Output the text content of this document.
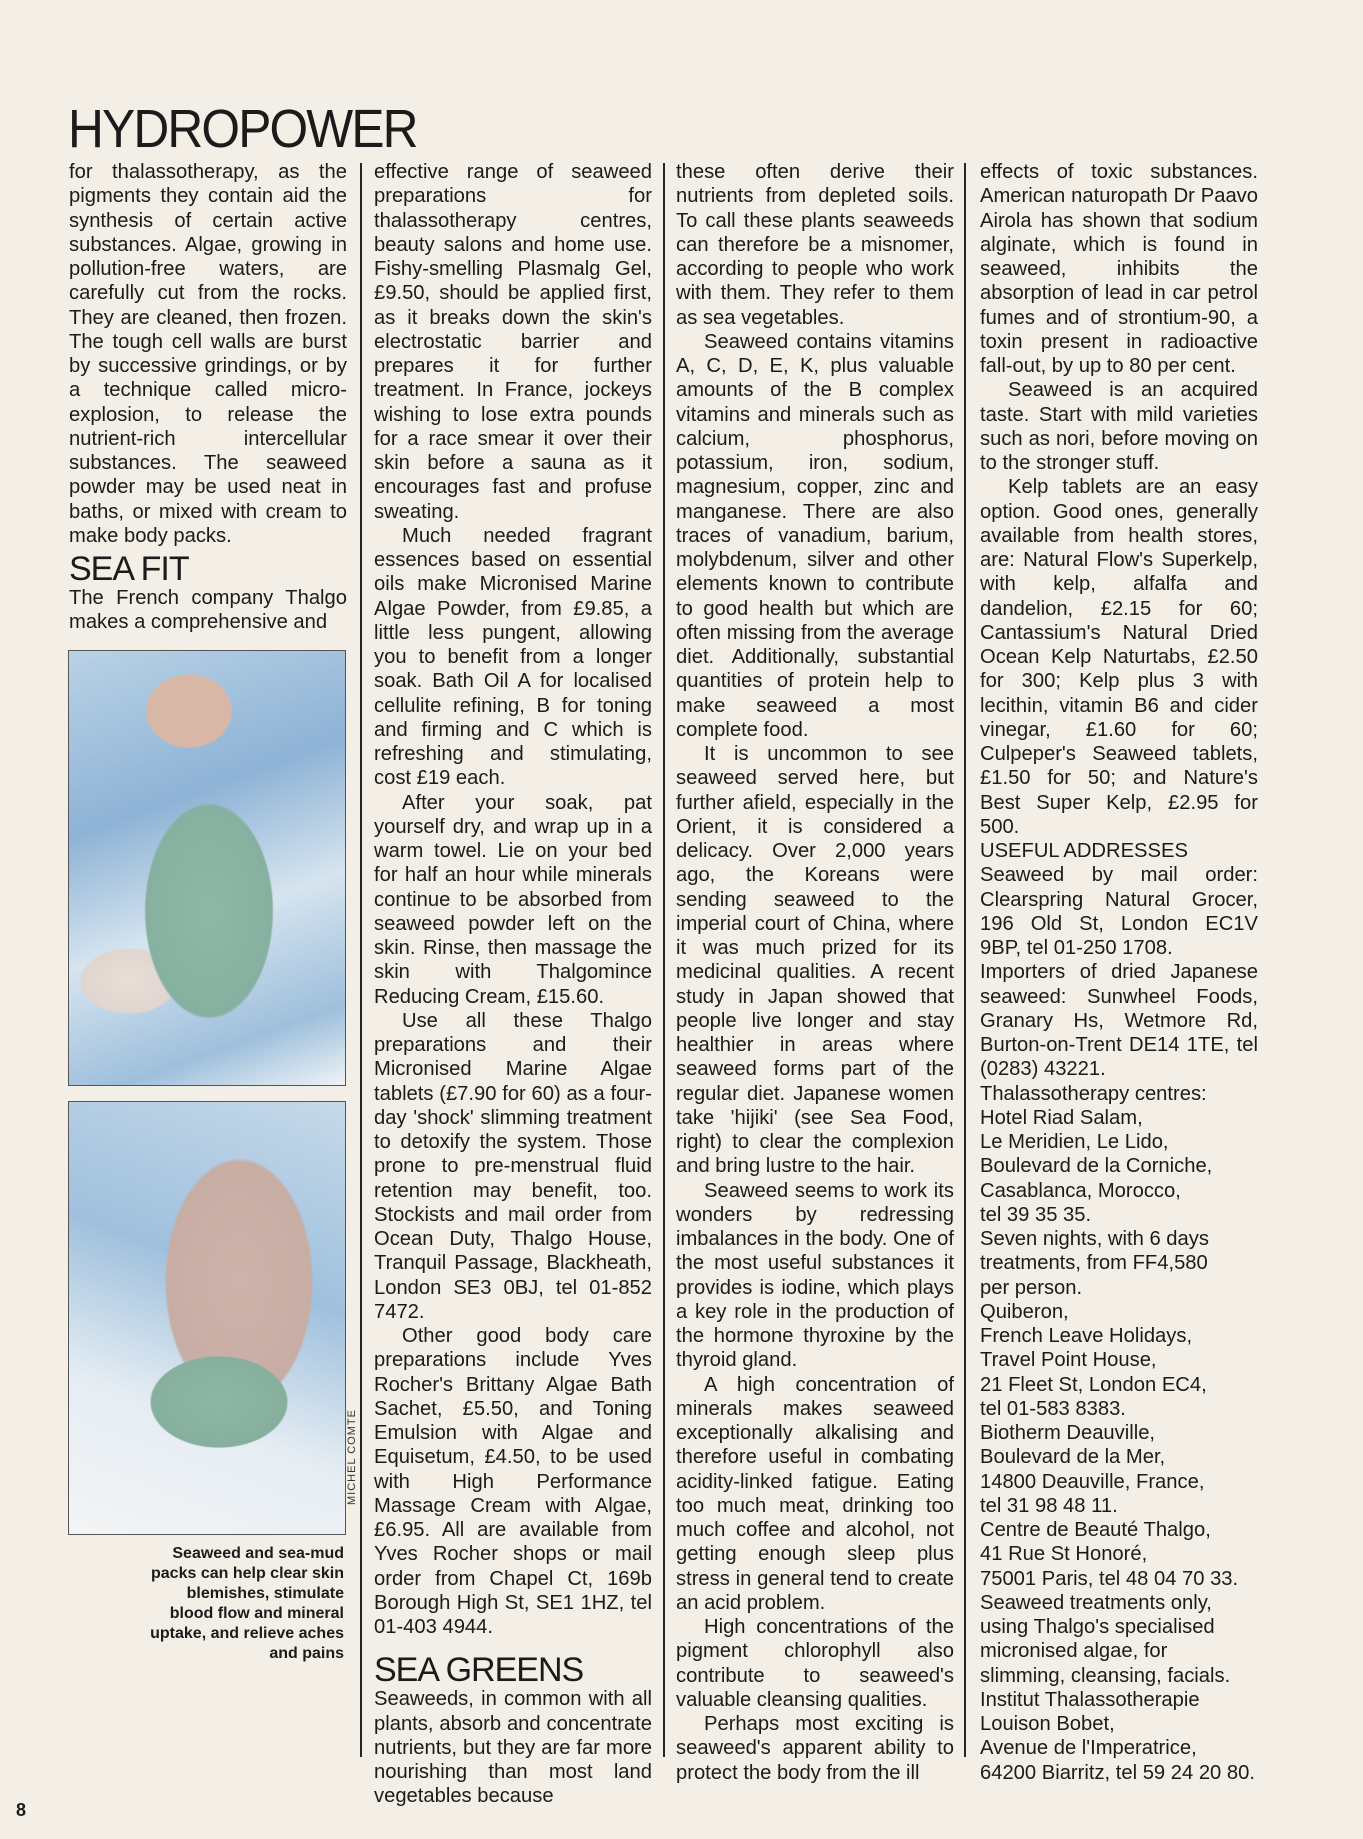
HYDROPOWER

for thalassotherapy, as the pigments they contain aid the synthesis of certain active substances. Algae, growing in pollution-free waters, are carefully cut from the rocks. They are cleaned, then frozen. The tough cell walls are burst by successive grindings, or by a technique called micro-explosion, to release the nutrient-rich intercellular substances. The seaweed powder may be used neat in baths, or mixed with cream to make body packs.

SEA FIT

The French company Thalgo makes a comprehensive and

MICHEL COMTE
Seaweed and sea-mud packs can help clear skin blemishes, stimulate blood flow and mineral uptake, and relieve aches and pains

effective range of seaweed preparations for thalassotherapy centres, beauty salons and home use. Fishy-smelling Plasmalg Gel, £9.50, should be applied first, as it breaks down the skin's electrostatic barrier and prepares it for further treatment. In France, jockeys wishing to lose extra pounds for a race smear it over their skin before a sauna as it encourages fast and profuse sweating.

Much needed fragrant essences based on essential oils make Micronised Marine Algae Powder, from £9.85, a little less pungent, allowing you to benefit from a longer soak. Bath Oil A for localised cellulite refining, B for toning and firming and C which is refreshing and stimulating, cost £19 each.

After your soak, pat yourself dry, and wrap up in a warm towel. Lie on your bed for half an hour while minerals continue to be absorbed from seaweed powder left on the skin. Rinse, then massage the skin with Thalgomince Reducing Cream, £15.60.

Use all these Thalgo preparations and their Micronised Marine Algae tablets (£7.90 for 60) as a four-day 'shock' slimming treatment to detoxify the system. Those prone to pre-menstrual fluid retention may benefit, too. Stockists and mail order from Ocean Duty, Thalgo House, Tranquil Passage, Blackheath, London SE3 0BJ, tel 01-852 7472.

Other good body care preparations include Yves Rocher's Brittany Algae Bath Sachet, £5.50, and Toning Emulsion with Algae and Equisetum, £4.50, to be used with High Performance Massage Cream with Algae, £6.95. All are available from Yves Rocher shops or mail order from Chapel Ct, 169b Borough High St, SE1 1HZ, tel 01-403 4944.

SEA GREENS

Seaweeds, in common with all plants, absorb and concentrate nutrients, but they are far more nourishing than most land vegetables because

these often derive their nutrients from depleted soils. To call these plants seaweeds can therefore be a misnomer, according to people who work with them. They refer to them as sea vegetables.

Seaweed contains vitamins A, C, D, E, K, plus valuable amounts of the B complex vitamins and minerals such as calcium, phosphorus, potassium, iron, sodium, magnesium, copper, zinc and manganese. There are also traces of vanadium, barium, molybdenum, silver and other elements known to contribute to good health but which are often missing from the average diet. Additionally, substantial quantities of protein help to make seaweed a most complete food.

It is uncommon to see seaweed served here, but further afield, especially in the Orient, it is considered a delicacy. Over 2,000 years ago, the Koreans were sending seaweed to the imperial court of China, where it was much prized for its medicinal qualities. A recent study in Japan showed that people live longer and stay healthier in areas where seaweed forms part of the regular diet. Japanese women take 'hijiki' (see Sea Food, right) to clear the complexion and bring lustre to the hair.

Seaweed seems to work its wonders by redressing imbalances in the body. One of the most useful substances it provides is iodine, which plays a key role in the production of the hormone thyroxine by the thyroid gland.

A high concentration of minerals makes seaweed exceptionally alkalising and therefore useful in combating acidity-linked fatigue. Eating too much meat, drinking too much coffee and alcohol, not getting enough sleep plus stress in general tend to create an acid problem.

High concentrations of the pigment chlorophyll also contribute to seaweed's valuable cleansing qualities.

Perhaps most exciting is seaweed's apparent ability to protect the body from the ill

effects of toxic substances. American naturopath Dr Paavo Airola has shown that sodium alginate, which is found in seaweed, inhibits the absorption of lead in car petrol fumes and of strontium-90, a toxin present in radioactive fall-out, by up to 80 per cent.

Seaweed is an acquired taste. Start with mild varieties such as nori, before moving on to the stronger stuff.

Kelp tablets are an easy option. Good ones, generally available from health stores, are: Natural Flow's Superkelp, with kelp, alfalfa and dandelion, £2.15 for 60; Cantassium's Natural Dried Ocean Kelp Naturtabs, £2.50 for 300; Kelp plus 3 with lecithin, vitamin B6 and cider vinegar, £1.60 for 60; Culpeper's Seaweed tablets, £1.50 for 50; and Nature's Best Super Kelp, £2.95 for 500.

USEFUL ADDRESSES

Seaweed by mail order: Clearspring Natural Grocer, 196 Old St, London EC1V 9BP, tel 01-250 1708.

Importers of dried Japanese seaweed: Sunwheel Foods, Granary Hs, Wetmore Rd, Burton-on-Trent DE14 1TE, tel (0283) 43221.

Thalassotherapy centres:

Hotel Riad Salam,

Le Meridien, Le Lido,

Boulevard de la Corniche,

Casablanca, Morocco,

tel 39 35 35.

Seven nights, with 6 days

treatments, from FF4,580

per person.

Quiberon,

French Leave Holidays,

Travel Point House,

21 Fleet St, London EC4,

tel 01-583 8383.

Biotherm Deauville,

Boulevard de la Mer,

14800 Deauville, France,

tel 31 98 48 11.

Centre de Beauté Thalgo,

41 Rue St Honoré,

75001 Paris, tel 48 04 70 33.

Seaweed treatments only,

using Thalgo's specialised

micronised algae, for

slimming, cleansing, facials.

Institut Thalassotherapie

Louison Bobet,

Avenue de l'Imperatrice,

64200 Biarritz, tel 59 24 20 80.

8
